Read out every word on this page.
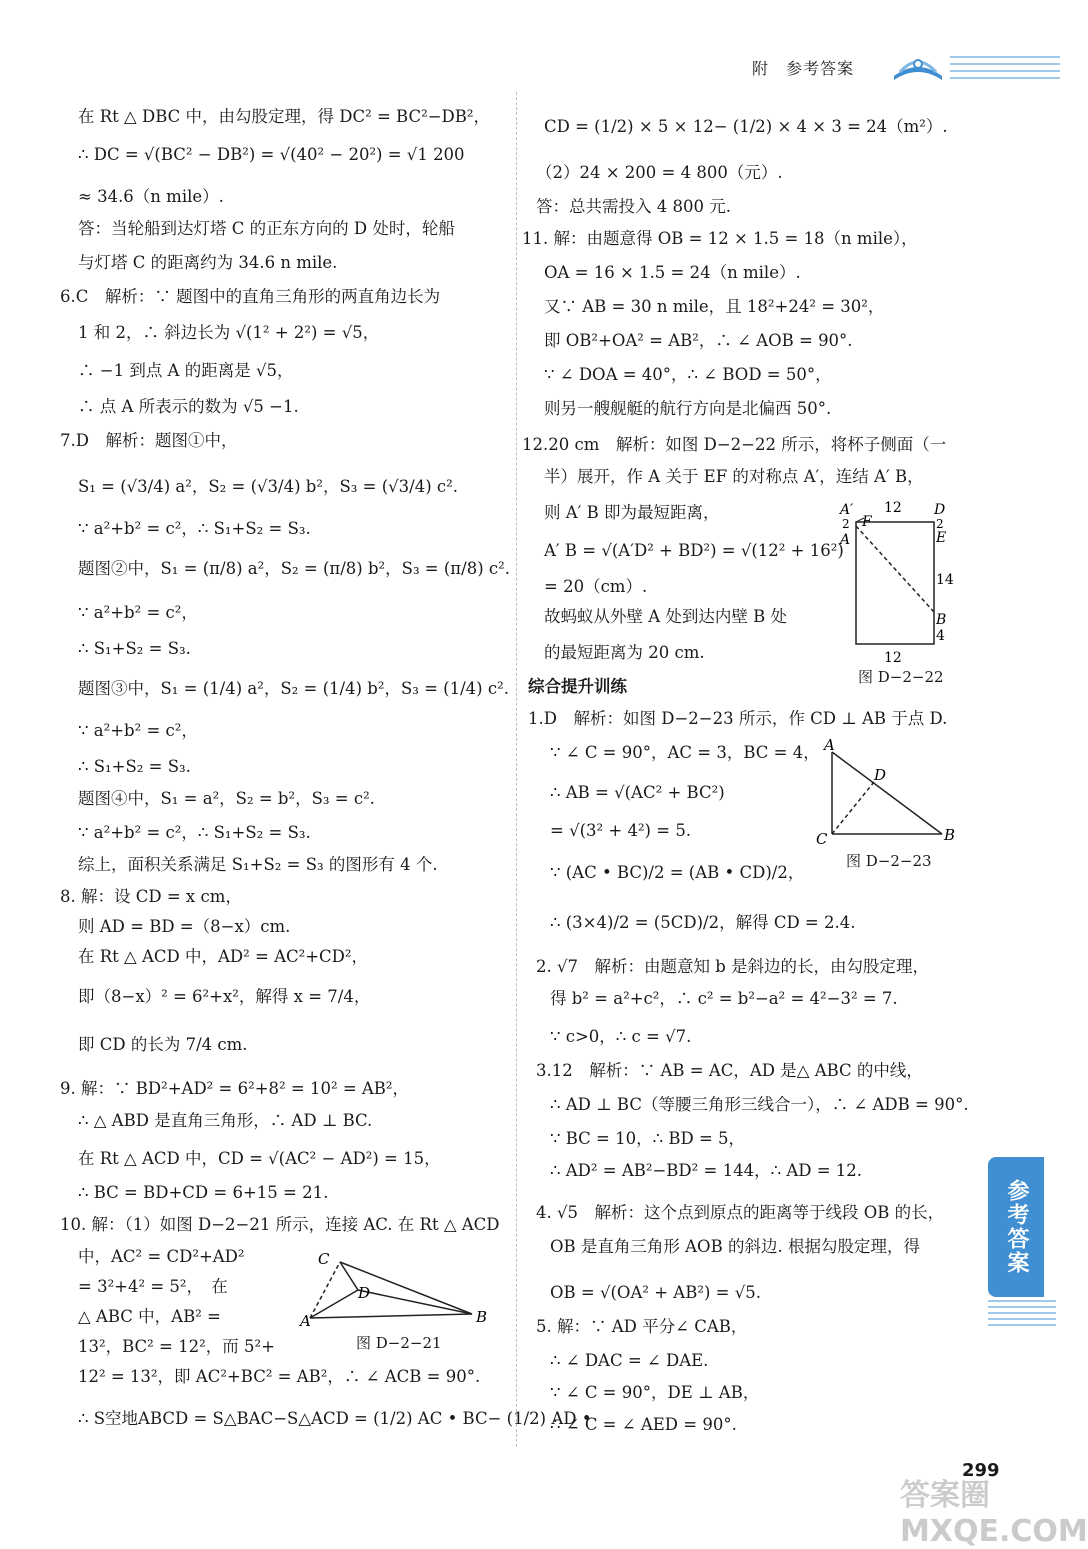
附　参考答案
在 Rt △ DBC 中，由勾股定理，得 DC² = BC²−DB²，
∴ DC = √(BC² − DB²) = √(40² − 20²) = √1 200
≈ 34.6（n mile）.
答：当轮船到达灯塔 C 的正东方向的 D 处时，轮船
与灯塔 C 的距离约为 34.6 n mile.
6.C　解析：∵ 题图中的直角三角形的两直角边长为
1 和 2，∴ 斜边长为 √(1² + 2²) = √5，
∴ −1 到点 A 的距离是 √5，
∴ 点 A 所表示的数为 √5 −1.
7.D　解析：题图①中，
S₁ = (√3/4) a²，S₂ = (√3/4) b²，S₃ = (√3/4) c².
∵ a²+b² = c²，∴ S₁+S₂ = S₃.
题图②中，S₁ = (π/8) a²，S₂ = (π/8) b²，S₃ = (π/8) c².
∵ a²+b² = c²，
∴ S₁+S₂ = S₃.
题图③中，S₁ = (1/4) a²，S₂ = (1/4) b²，S₃ = (1/4) c².
∵ a²+b² = c²，
∴ S₁+S₂ = S₃.
题图④中，S₁ = a²，S₂ = b²，S₃ = c².
∵ a²+b² = c²，∴ S₁+S₂ = S₃.
综上，面积关系满足 S₁+S₂ = S₃ 的图形有 4 个.
8. 解：设 CD = x cm，
则 AD = BD =（8−x）cm.
在 Rt △ ACD 中，AD² = AC²+CD²，
即（8−x）² = 6²+x²，解得 x = 7/4，
即 CD 的长为 7/4 cm.
9. 解：∵ BD²+AD² = 6²+8² = 10² = AB²，
∴ △ ABD 是直角三角形，∴ AD ⊥ BC.
在 Rt △ ACD 中，CD = √(AC² − AD²) = 15，
∴ BC = BD+CD = 6+15 = 21.
10. 解：（1）如图 D−2−21 所示，连接 AC. 在 Rt △ ACD
中，AC² = CD²+AD²
= 3²+4² = 5²，　在
△ ABC 中，AB² =
13²，BC² = 12²，而 5²+
12² = 13²，即 AC²+BC² = AB²，∴ ∠ ACB = 90°.
∴ S空地ABCD = S△BAC−S△ACD = (1/2) AC • BC− (1/2) AD •
C
D
A	B
图 D−2−21
CD = (1/2) × 5 × 12− (1/2) × 4 × 3 = 24（m²）.
（2）24 × 200 = 4 800（元）.
答：总共需投入 4 800 元.
11. 解：由题意得 OB = 12 × 1.5 = 18（n mile），
OA = 16 × 1.5 = 24（n mile）.
又∵ AB = 30 n mile，且 18²+24² = 30²，
即 OB²+OA² = AB²，∴ ∠ AOB = 90°.
∵ ∠ DOA = 40°，∴ ∠ BOD = 50°，
则另一艘舰艇的航行方向是北偏西 50°.
12.20 cm　解析：如图 D−2−22 所示，将杯子侧面（一
半）展开，作 A 关于 EF 的对称点 A′，连结 A′ B，
则 A′ B 即为最短距离，
A′ B = √(A′D² + BD²) = √(12² + 16²)
= 20（cm）.
故蚂蚁从外壁 A 处到达内壁 B 处
的最短距离为 20 cm.
综合提升训练
1.D　解析：如图 D−2−23 所示，作 CD ⊥ AB 于点 D.
∵ ∠ C = 90°，AC = 3，BC = 4，
∴ AB = √(AC² + BC²)
= √(3² + 4²) = 5.
∵ (AC • BC)/2 = (AB • CD)/2，
∴ (3×4)/2 = (5CD)/2，解得 CD = 2.4.
2. √7　解析：由题意知 b 是斜边的长，由勾股定理，
得 b² = a²+c²，∴ c² = b²−a² = 4²−3² = 7.
∵ c>0，∴ c = √7.
3.12　解析：∵ AB = AC，AD 是△ ABC 的中线，
∴ AD ⊥ BC（等腰三角形三线合一），∴ ∠ ADB = 90°.
∵ BC = 10，∴ BD = 5，
∴ AD² = AB²−BD² = 144，∴ AD = 12.
4. √5　解析：这个点到原点的距离等于线段 OB 的长，
OB 是直角三角形 AOB 的斜边. 根据勾股定理，得
OB = √(OA² + AB²) = √5.
5. 解：∵ AD 平分∠ CAB，
∴ ∠ DAC = ∠ DAE.
∵ ∠ C = 90°，DE ⊥ AB，
∴ ∠ C = ∠ AED = 90°.
A′
F
D
A	E
B
12
12
14
4
2	2
图 D−2−22
A
D
C	B
图 D−2−23
参考答案
答案圈 MXQE.COM
299
